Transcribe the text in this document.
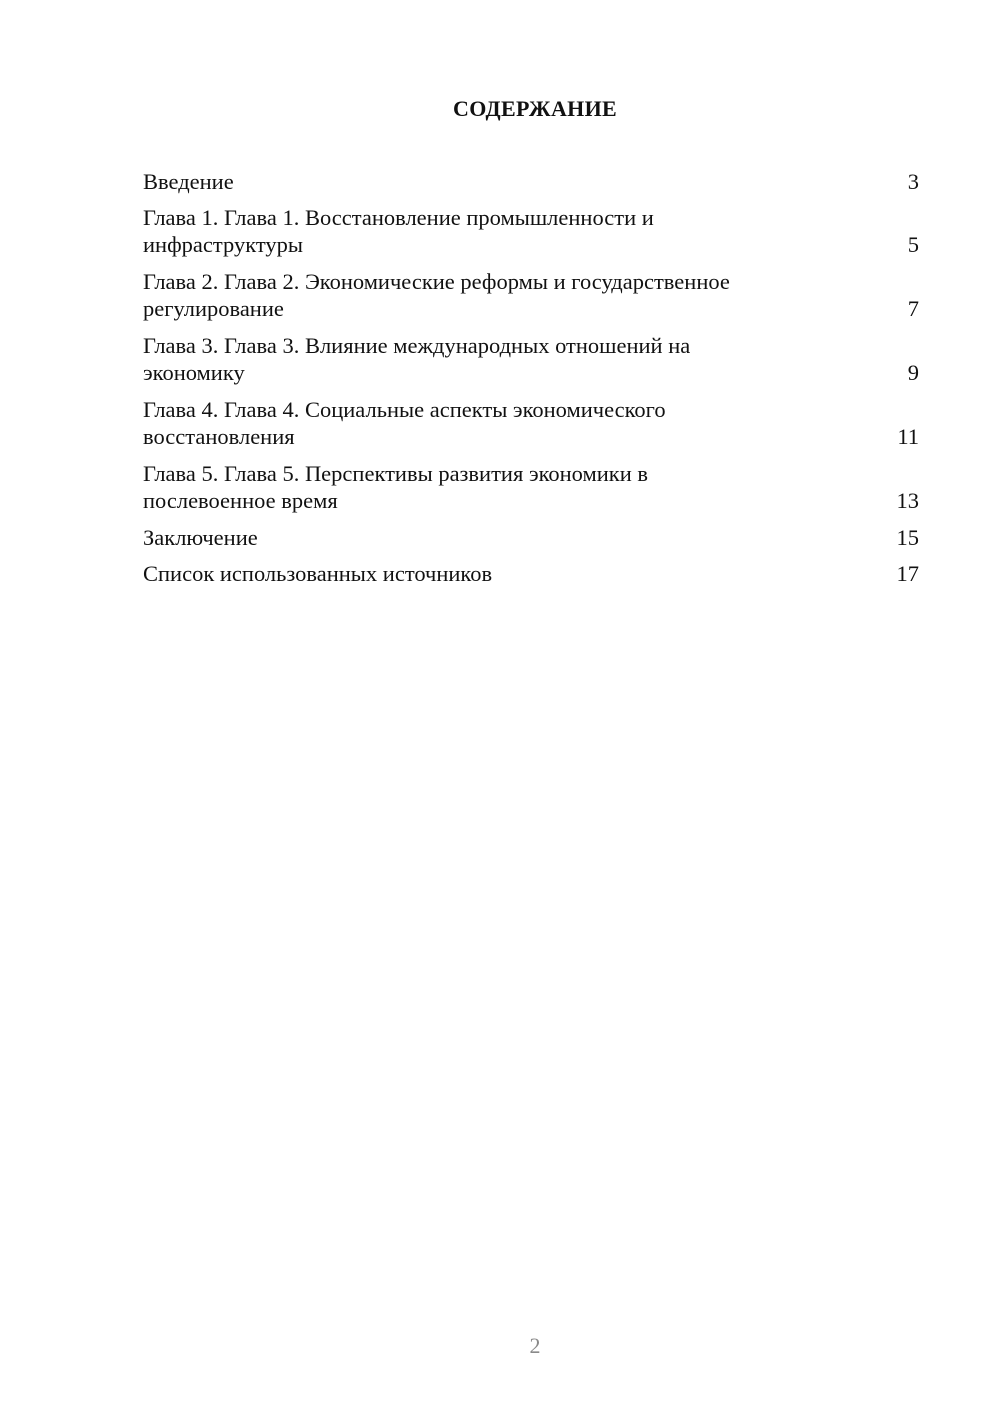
СОДЕРЖАНИЕ
Введение	3
Глава 1. Глава 1. Восстановление промышленности и
инфраструктуры	5
Глава 2. Глава 2. Экономические реформы и государственное
регулирование	7
Глава 3. Глава 3. Влияние международных отношений на
экономику	9
Глава 4. Глава 4. Социальные аспекты экономического
восстановления	11
Глава 5. Глава 5. Перспективы развития экономики в
послевоенное время	13
Заключение	15
Список использованных источников	17
2
